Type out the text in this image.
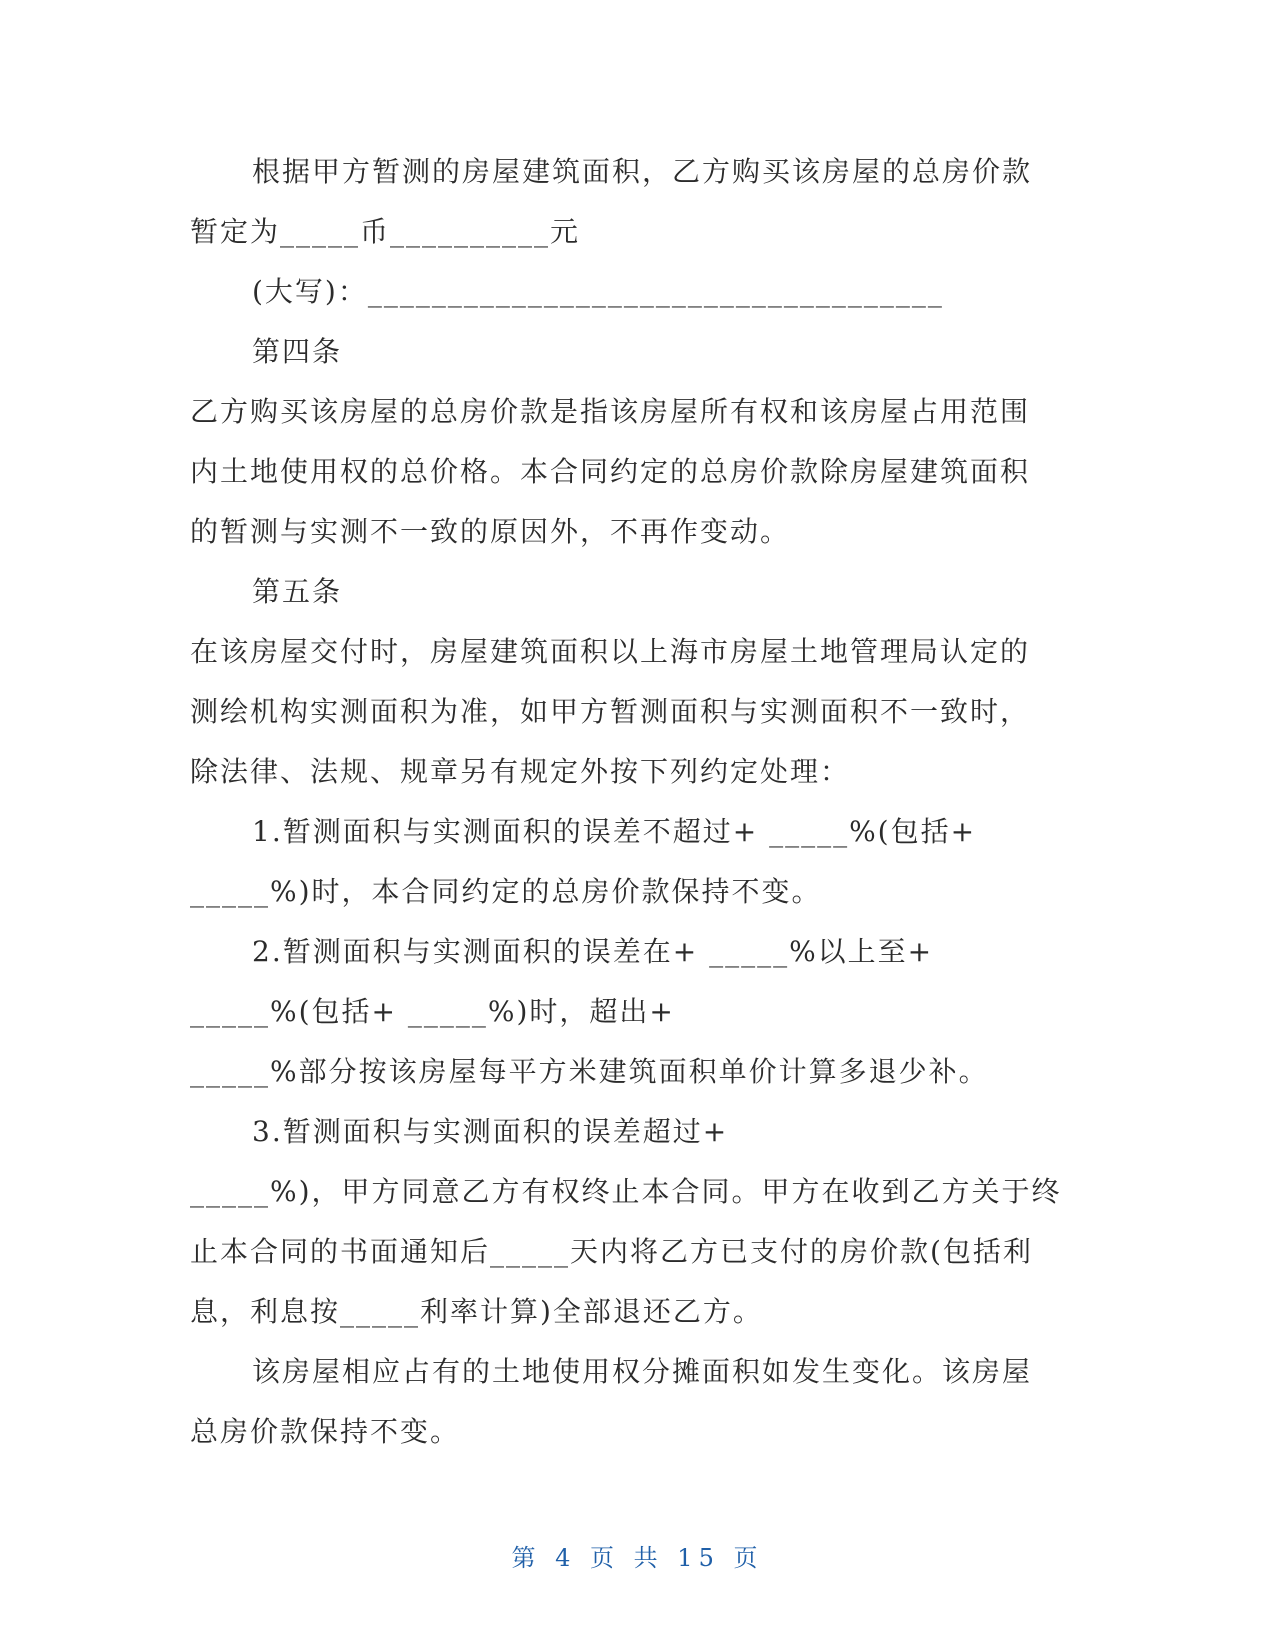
根据甲方暂测的房屋建筑面积，乙方购买该房屋的总房价款
暂定为_____币__________元
(大写)：____________________________________
第四条
乙方购买该房屋的总房价款是指该房屋所有权和该房屋占用范围
内土地使用权的总价格。本合同约定的总房价款除房屋建筑面积
的暂测与实测不一致的原因外，不再作变动。
第五条
在该房屋交付时，房屋建筑面积以上海市房屋土地管理局认定的
测绘机构实测面积为准，如甲方暂测面积与实测面积不一致时，
除法律、法规、规章另有规定外按下列约定处理：
1.暂测面积与实测面积的误差不超过+ _____%(包括+
_____%)时，本合同约定的总房价款保持不变。
2.暂测面积与实测面积的误差在+ _____%以上至+
_____%(包括+ _____%)时，超出+
_____%部分按该房屋每平方米建筑面积单价计算多退少补。
3.暂测面积与实测面积的误差超过+
_____%)，甲方同意乙方有权终止本合同。甲方在收到乙方关于终
止本合同的书面通知后_____天内将乙方已支付的房价款(包括利
息，利息按_____利率计算)全部退还乙方。
该房屋相应占有的土地使用权分摊面积如发生变化。该房屋
总房价款保持不变。
第 4 页 共 15 页
